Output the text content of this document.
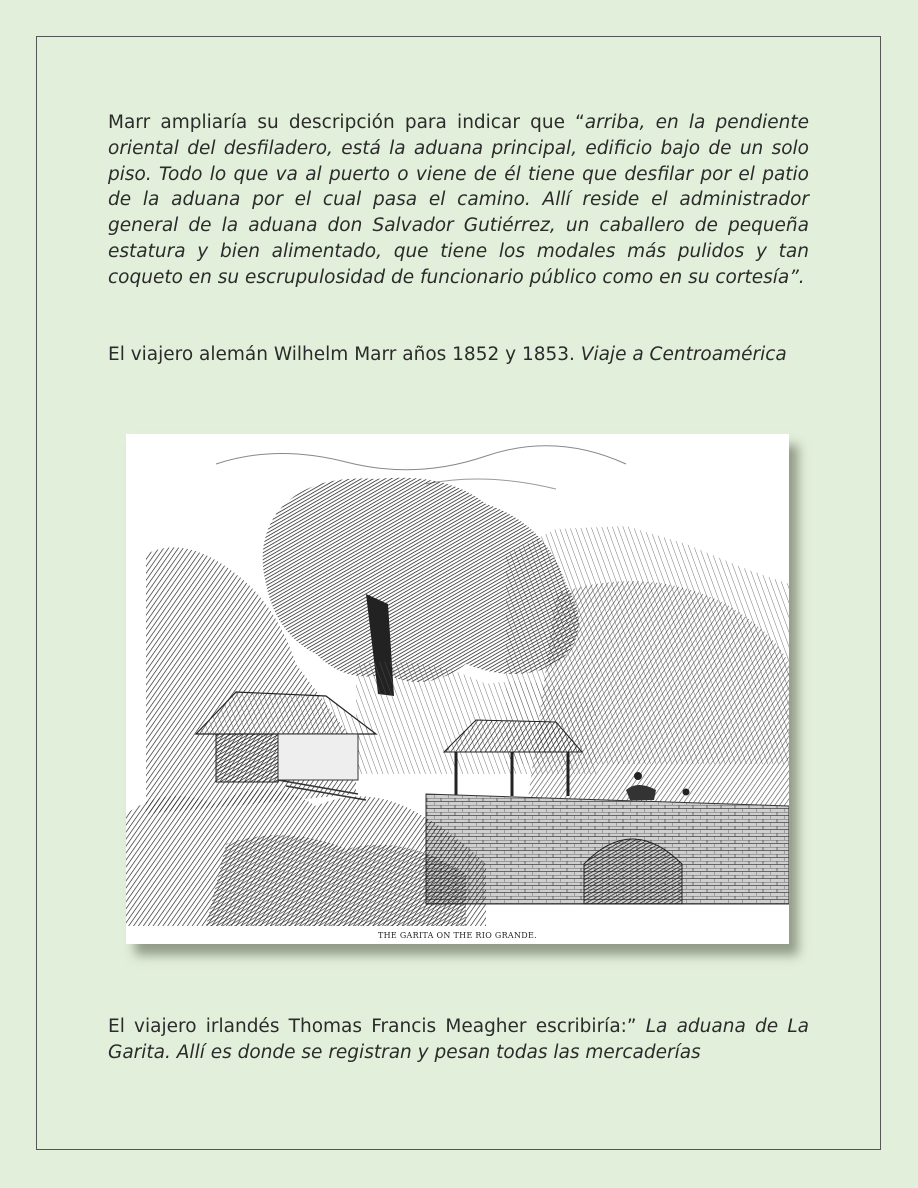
Marr ampliaría su descripción para indicar que “arriba, en la pendiente oriental del desfiladero, está la aduana principal, edificio bajo de un solo piso. Todo lo que va al puerto o viene de él tiene que desfilar por el patio de la aduana por el cual pasa el camino. Allí reside el administrador general de la aduana don Salvador Gutiérrez, un caballero de pequeña estatura y bien alimentado, que tiene los modales más pulidos y tan coqueto en su escrupulosidad de funcionario público como en su cortesía”.

El viajero alemán Wilhelm Marr años 1852 y 1853. Viaje a Centroamérica

THE GARITA ON THE RIO GRANDE.

El viajero irlandés Thomas Francis Meagher escribiría:” La aduana de La Garita. Allí es donde se registran y pesan todas las mercaderías
